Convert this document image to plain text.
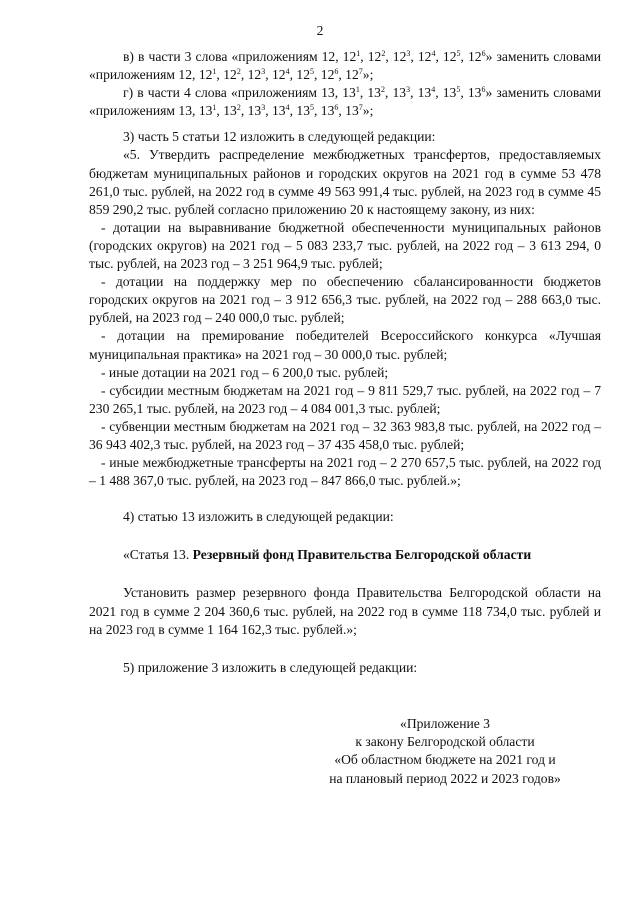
2

в) в части 3 слова «приложениям 12, $12^1$, $12^2$, $12^3$, $12^4$, $12^5$, $12^6$» заменить словами «приложениям 12, $12^1$, $12^2$, $12^3$, $12^4$, $12^5$, $12^6$, $12^7$»;

г) в части 4 слова «приложениям 13, $13^1$, $13^2$, $13^3$, $13^4$, $13^5$, $13^6$» заменить словами «приложениям 13, $13^1$, $13^2$, $13^3$, $13^4$, $13^5$, $13^6$, $13^7$»;

3) часть 5 статьи 12 изложить в следующей редакции:

«5. Утвердить распределение межбюджетных трансфертов, предоставляемых бюджетам муниципальных районов и городских округов на 2021 год в сумме 53 478 261,0 тыс. рублей, на 2022 год в сумме 49 563 991,4 тыс. рублей, на 2023 год в сумме 45 859 290,2 тыс. рублей согласно приложению 20 к настоящему закону, из них:

- дотации на выравнивание бюджетной обеспеченности муниципальных районов (городских округов) на 2021 год – 5 083 233,7 тыс. рублей, на 2022 год – 3 613 294, 0 тыс. рублей, на 2023 год – 3 251 964,9 тыс. рублей;

- дотации на поддержку мер по обеспечению сбалансированности бюджетов городских округов на 2021 год – 3 912 656,3 тыс. рублей, на 2022 год – 288 663,0 тыс. рублей, на 2023 год – 240 000,0 тыс. рублей;

- дотации на премирование победителей Всероссийского конкурса «Лучшая муниципальная практика» на 2021 год – 30 000,0 тыс. рублей;

- иные дотации на 2021 год – 6 200,0 тыс. рублей;

- субсидии местным бюджетам на 2021 год – 9 811 529,7 тыс. рублей, на 2022 год – 7 230 265,1 тыс. рублей, на 2023 год – 4 084 001,3 тыс. рублей;

- субвенции местным бюджетам на 2021 год – 32 363 983,8 тыс. рублей, на 2022 год – 36 943 402,3 тыс. рублей, на 2023 год – 37 435 458,0 тыс. рублей;

- иные межбюджетные трансферты на 2021 год – 2 270 657,5 тыс. рублей, на 2022 год – 1 488 367,0 тыс. рублей, на 2023 год – 847 866,0 тыс. рублей.»;

4) статью 13 изложить в следующей редакции:

«Статья 13. Резервный фонд Правительства Белгородской области

Установить размер резервного фонда Правительства Белгородской области на 2021 год в сумме 2 204 360,6 тыс. рублей, на 2022 год в сумме 118 734,0 тыс. рублей и на 2023 год в сумме 1 164 162,3 тыс. рублей.»;

5) приложение 3 изложить в следующей редакции:

«Приложение 3
к закону Белгородской области
«Об областном бюджете на 2021 год и
на плановый период 2022 и 2023 годов»
